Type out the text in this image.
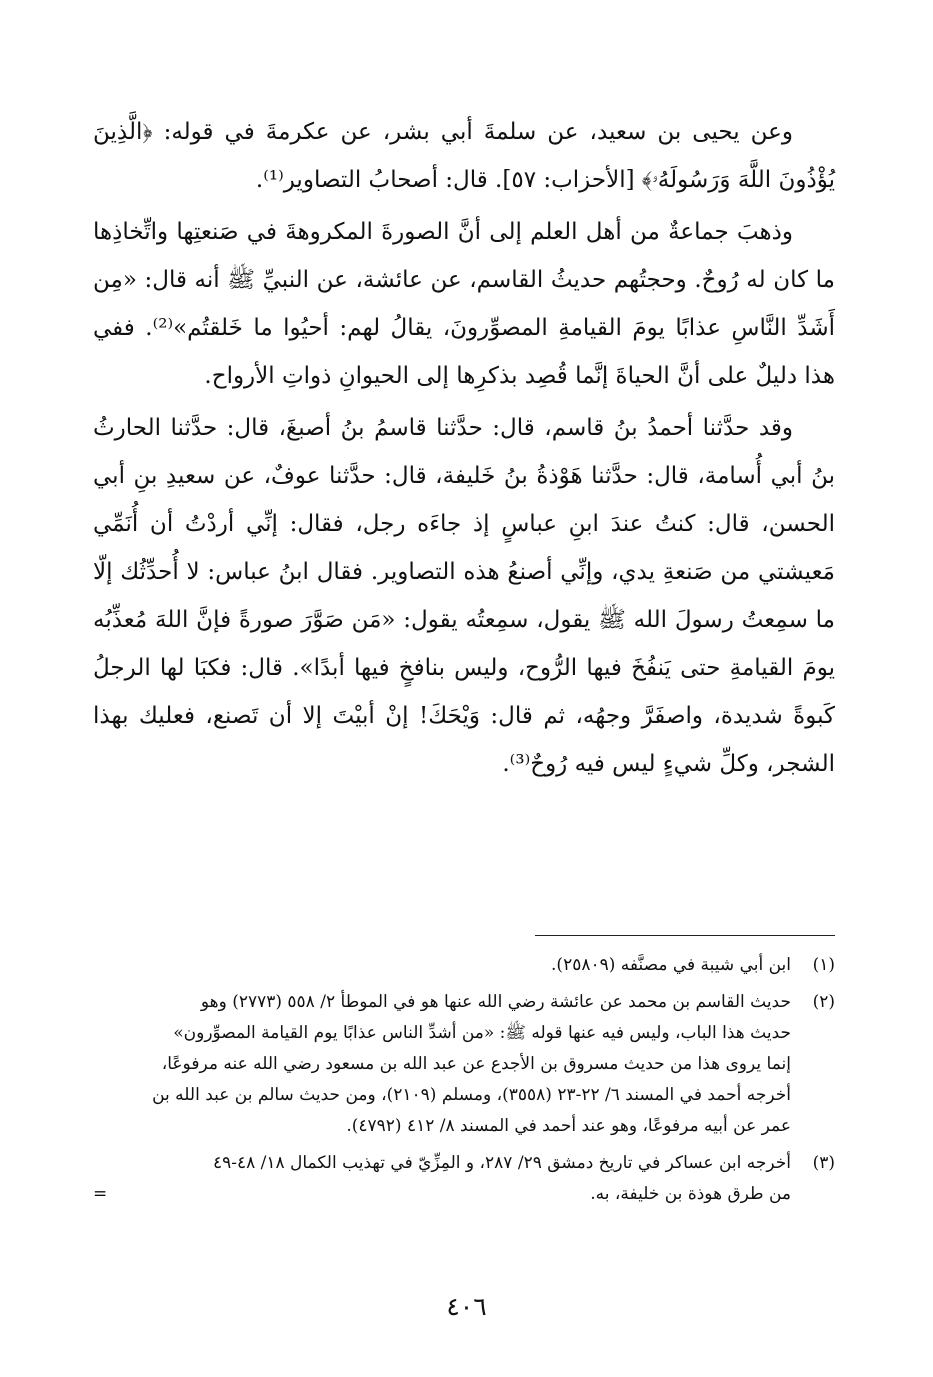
وعن يحيى بن سعيد، عن سلمةَ أبي بشر، عن عكرمةَ في قوله: ﴿الَّذِينَ يُؤْذُونَ اللَّهَ وَرَسُولَهُۥ﴾ [الأحزاب: ٥٧]. قال: أصحابُ التصاوير⁽¹⁾.

وذهبَ جماعةٌ من أهل العلم إلى أنَّ الصورةَ المكروهةَ في صَنعتِها واتِّخاذِها ما كان له رُوحٌ. وحجتُهم حديثُ القاسم، عن عائشة، عن النبيِّ ﷺ أنه قال: «مِن أَشَدِّ النَّاسِ عذابًا يومَ القيامةِ المصوِّرونَ، يقالُ لهم: أحيُوا ما خَلقتُم»⁽²⁾. ففي هذا دليلٌ على أنَّ الحياةَ إنَّما قُصِد بذكرِها إلى الحيوانِ ذواتِ الأرواح.

وقد حدَّثنا أحمدُ بنُ قاسم، قال: حدَّثنا قاسمُ بنُ أصبغَ، قال: حدَّثنا الحارثُ بنُ أبي أُسامة، قال: حدَّثنا هَوْذةُ بنُ خَليفة، قال: حدَّثنا عوفٌ، عن سعيدِ بنِ أبي الحسن، قال: كنتُ عندَ ابنِ عباسٍ إذ جاءَه رجل، فقال: إنِّي أردْتُ أن أُنَمِّي مَعيشتي من صَنعةِ يدي، وإنِّي أصنعُ هذه التصاوير. فقال ابنُ عباس: لا أُحدِّثُك إلّا ما سمِعتُ رسولَ الله ﷺ يقول، سمِعتُه يقول: «مَن صَوَّرَ صورةً فإنَّ اللهَ مُعذِّبُه يومَ القيامةِ حتى يَنفُخَ فيها الرُّوح، وليس بنافخٍ فيها أبدًا». قال: فكبَا لها الرجلُ كَبوةً شديدة، واصفَرَّ وجهُه، ثم قال: وَيْحَكَ! إنْ أبيْتَ إلا أن تَصنع، فعليك بهذا الشجر، وكلِّ شيءٍ ليس فيه رُوحٌ⁽³⁾.

(١)
ابن أبي شيبة في مصنَّفه (٢٥٨٠٩).
(٢)
حديث القاسم بن محمد عن عائشة رضي الله عنها هو في الموطأ ٢/ ٥٥٨ (٢٧٧٣) وهو
حديث هذا الباب، وليس فيه عنها قوله ﷺ: «من أشدِّ الناس عذابًا يوم القيامة المصوِّرون»
إنما يروى هذا من حديث مسروق بن الأجدع عن عبد الله بن مسعود رضي الله عنه مرفوعًا،
أخرجه أحمد في المسند ٦/ ٢٢-٢٣ (٣٥٥٨)، ومسلم (٢١٠٩)، ومن حديث سالم بن عبد الله بن
عمر عن أبيه مرفوعًا، وهو عند أحمد في المسند ٨/ ٤١٢ (٤٧٩٢).
(٣)
أخرجه ابن عساكر في تاريخ دمشق ٢٩/ ٢٨٧، و المِزِّيّ في تهذيب الكمال ١٨/ ٤٨-٤٩
من طرق هوذة بن خليفة، به.
=
٤٠٦
